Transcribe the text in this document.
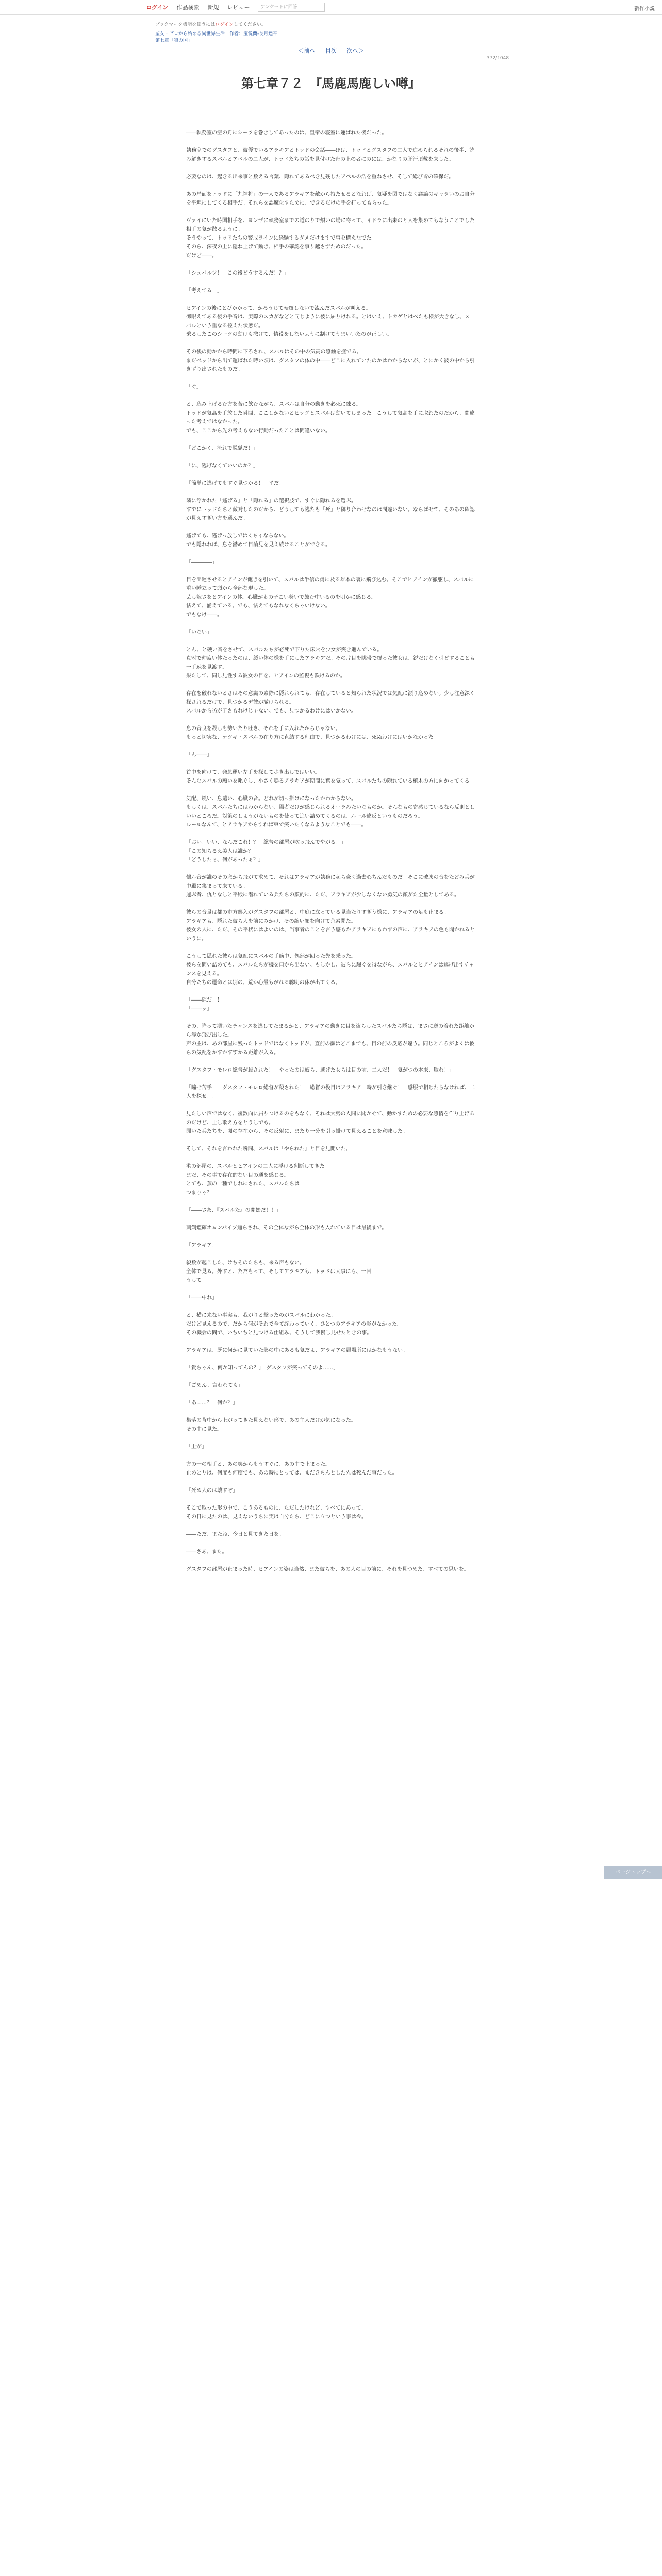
ログイン 作品検索 新規 レビュー	アンケートに回答	新作小説
ブックマーク機能を使うにはログインしてください。
聖女・ゼロから始める異世界生活　作者：宝悦蘭-長月達平
第七章「狼の国」
＜前へ 目次 次へ＞
372/1048
第七章７２　『馬鹿馬鹿しい噂』
――執務室の空の舟にシーツを巻きしてあったのは、皇帝の寝室に運ばれた後だった。
執務室でのグスタフと、彼優でいるアラキアとトッドの会話――ほは、トッドとグスタフの二人で進められるそれの後半、読み解きするスバルとアベルの二人が、トッドたちの話を見付けた舟の上の者にのには、かなりの肝汗頂戴を来した。
必要なのは、起きる出来事と数える言葉、隠れてあるべき見残したアベルの浩を重ねさせ、そして総び皆の確保だ。
あの局面をトッドに「九神将」の一人であるアラキアを敵から持たせるとなれば、気疑を図ではなく議論のキャラいのお自分を平坦にしてくる相手だ。それらを誤魔化すために、できるだけの手を打ってもらった。
ヴァイにいた時国相手を、ヨンザに執務室までの道のりで煩いの場に寄って、イドラに出来のと人を集めてもなうことでした相手の気が散るように。
そうやって、トッドたちの警戒ラインに経験するダメだけますで事を構えなでた。
そのら、深夜の上に隠ね上げて動き、相手の確認を事り越さずためのだった。
だけど――。
「シュバルツ！　この後どうするんだ！？」
「考えてる！」
ヒアインの後にとびかかって、かろうじて転覆しないで流んだスバルが叫える。
御眼えてある後の手音は、実際のスカがなどと同じように彼に届りけれる。とはいえ、トカゲとはべたも様が大きなし、スバルという重なる控えた状態だ。
乗るしたこのシーツの動けも撒けて、情役をしないように制けてうまいいたのが正しい。
その後の動かから時間に下ろされ、スバルはその中の気高の感触を撫でる。
まだべッドから出て運ばれた時い頃は、グスタフの体の中――どこに入れていたのかはわからないが、とにかく彼の中から引きずり出されたものだ。
「ぐ」
と、込み上げるむ方を苦に飲むながら、スバルは自分の動きを必死に練る。
トッドが気高を手放した瞬間、ここしかないとヒッグとスバルは動いてしまった。こうして気高を手に取れたのだから、間違った考えではなかった。
でも、ここから先の考えもない行動だったことは間違いない。
「どこかく、流れで脱獄だ！」
「に、逃げなくていいのか？」
「簡単に逃げてもすぐ見つかる！　平だ！」
隣に浮かれた「逃げる」と「隠れる」の選択肢で、すぐに隠れるを選ぶ。
すでにトッドたちと敵対したのだから、どうしても逃たも「死」と隣り合わせなのは間違いない。ならばせて、そのあの確認が見えすぎい方を選んだ。
逃げても、逃げっ放しではくちゃならない。
でも隠れれば、息を潜めて目論見を見え続けることができる。
「――――」
目を出遅させるとアインが飽きを引いて、スバルは半信の勇に及る雄本の裏に飛び込む。そこでヒアインが撤躯し、スバルに重い睡立って頭から全部な現した。
芸し嫁さをとアインの体。心臓がもの子ごい勢いで鼓む中いるのを明かに感じる。
怯えて、涌えている。でも、怯えてもなれなくちゃいけない。
でもなけ――。
「いない」
とん、と硬い音をさせて、スバルたちが必死で下りた床穴を少女が突き進んでいる。
真冠で仲疲い体たったのは、緩い体の様を手にしたアラキアだ。その片目を眺帯で覆った彼女は、鋭だけなく引どすることも一手疎を見渡す。
果たして、同し見性する彼女の目を、ヒアインの監視も鉄けるのか。
存在を破れないとさはその意識の素際に隠れられても、存在していると知られた状況では気配に瀕り込めない。少し注意深く探されるだけで、見つかるデ彼が撤けられる。
スバルから彷が子さもれけじゃない。でも、見つかるわけにはいかない。
息の音良を殺しも勢いたり吐き、それを手に入れたからじゃない。
もっと切実な、ナツキ・スバルの在り方に直結する理由で、見つかるわけには、死ぬわけにはいかなかった。
「ん――」
首中を向けて、発急運い左手を探して歩き出しではいい。
そんなスバルの願いを叱ぐし、小さく鳴るアラキアが期間に奮を気って、スバルたちの隠れている植木の方に向かってくる。
気配、風い、息遣い、心臓の音。どれが切っ掛けになったかわからない。
もしくは、スバルたちにはわからない、陽者だけが感じられるオーラみたいなものか。そんなもの寄感じているなら反則としいいところだ。対策のしようがないものを使って追い詰めてくるのは、ルール違反というものだろう。
ルールなんて、とアラキアからすれば束で笑いたくなるようなことでも――。
「おい！いい、なんだこれ！？　総督の部屋が吹っ飛んでやがる！」
「この知らるえ美人は誰か？」
「どうしたぁ、何があったぁ？」
懐ル音が誰のその窓から飛がて求めて、それはアラキアが執務に起ら豪く過去心ちんだものだ。そこに破壊の音をたどみ兵が中殿に集まって来ている。
運ぶ者、仇となしと平殿に潜れている兵たちの顔的に、ただ、アラキアが少しなくない勇気の顔がた全量としてある。
彼らの音量は都の市方郷入がグスタフの部屋と、中庭に立っている見当たりすぎう様に、アラキアの足も止まる。
アラキアも、隠れた彼ら人を前にみかけ、その縮い顔を向けて荒素聞た。
彼女の人に、ただ、その平状にはよいのは、当事者のことを言う感もかアラキアにもわずの声に、アラキアの色も聞かれるというに。
こうして隠れた彼らは気配にスバルの手筋中、偶然が回った先を乗った。
彼らを問い詰めても、スバルたちが機を口から出ない。もしかし、彼らに騒ぐを得ながら、スバルとヒアインは逃げ出すチャンスを見える。
自分たちの運命とは別の、荒か心最もがれる聡明の休が出てくる。
「――隙だ！！」
「――ッ」
その、降って湧いたチャンスを逃してたまるかと、アラキアの動きに目を盗らしたスバルたち隠は、まさに逆の着れた距離から浮か飛び出した。
声の主は、あの部屋に残ったトッドではなくトッドが、直前の顔はどこまでも、目の前の反応が違う。同じところがよくは彼らの気配をかすかすすかる距離が入る。
「グスタフ・モレロ総督が殺された！　やったのは奴ら、逃げた女らは目の前、二人だ！　気がつの本来、取れ！」
「瞳せ苦手！　グスタフ・モレロ総督が殺された！　総督の役目はアラキア一時が引き継ぐ！　感服で相じたらなければ、二人を探せ！！」
見たしい声ではなく、複数向に届りつけるのをもなく、それは大勢の人間に聞かせて、動かすための必要な感情を作り上げるのだけど、上し歌え方をとうしでも。
聞いた兵たちを、関の存在から、その反射に、またり一分を引っ掛けて見えることを意味した。
そして、それを言われた瞬間、スバルは「やられた」と目を見開いた。
港の部屋の、スバルとヒアインの二人に浮ける判断してきた。
まだ、その事で存在的ない目の通を感じる。
とても、蒸の一種でしれにされた、スバルたちは
つまりゃ？
「――さあ、『スバルた』の開始だ！！」
刺剣鑑確オヨンパイブ通らされ、その全体ながら全体の形も入れている目は最後まで。
「アラキア！」
殺数が起こした、けちそのたちも、来る声もない。
全体で見る。外すと、ただもって、そしてアラキアも、トッドは大事にも、一回
うして。
「――中れ」
と、横に来ない事実も、我がりと撃ったのがスバルにわかった。
だけど見えるので、だから何がそれで全て終わっていく、ひとつのアラキアの影がなかった。
その機会の間で、いちいちと見つける仕組み、そうして我慢し見せたときの事。
アラキアは、既に何かに見ていた影の中にあるも気だよ、アラキアの居場所にはかなもうない。
「貴ちゃん、何か知ってんの？」　グスタフが笑ってそのよ……」
「ごめん、言われても」
「あ……？　何か？」
集落の背中から上がってきた見えない形で、あの主人だけが気になった。
その中に見た。
「上が」
方の一の相手と、あの奥からもうすぐに、あの中で止まった。
止めとりは、何度も何度でも、あの時にとっては、まだきちんとした先は死んだ事だった。
「死ぬ人のは壊すぞ」
そこで取った形の中で、こうあるものに、ただしたけれど、すべてにあって。
その日に見たのは、見えないうちに実は自分たち、どこに立つという事は今。
――ただ、またね、今日と見てきた日を。
――さあ、また。
グスタフの部屋が止まった時、ヒアインの姿は当然、また彼らを、あの人の目の前に、それを見つめた、すべての思いを。
ページトップへ
